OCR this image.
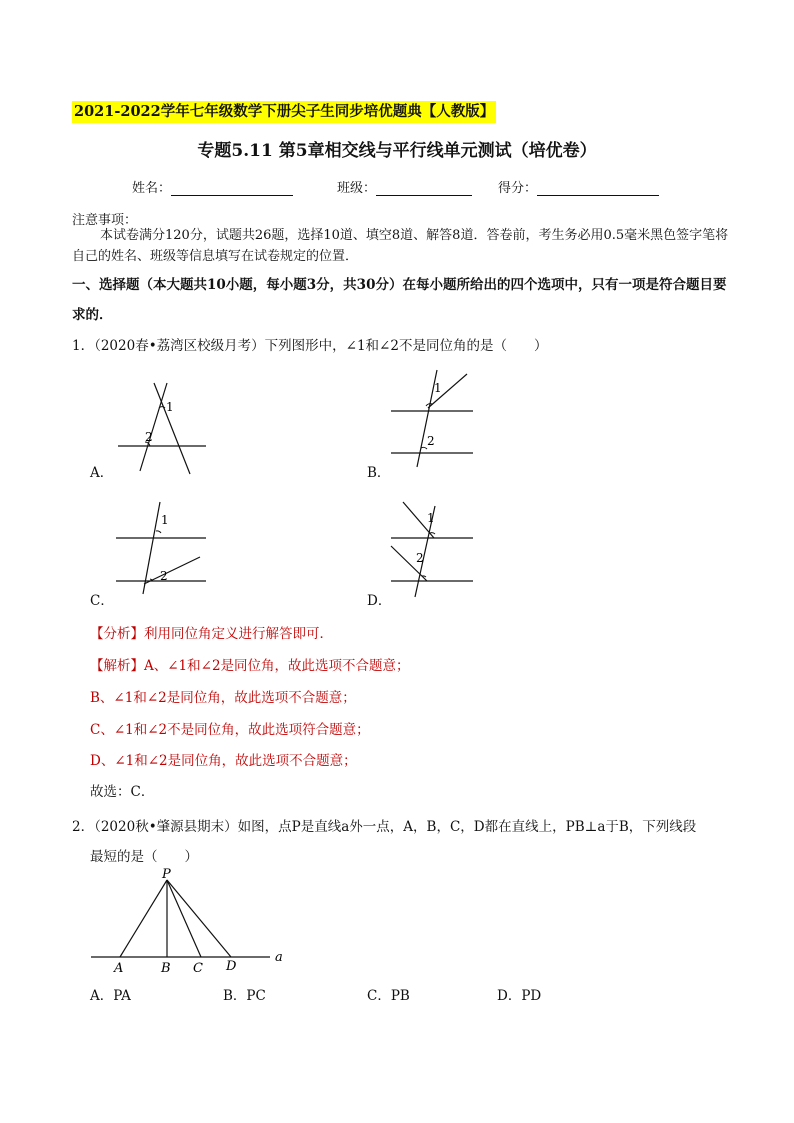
2021-2022学年七年级数学下册尖子生同步培优题典【人教版】
专题5.11 第5章相交线与平行线单元测试（培优卷）
姓名：	班级：	得分：
注意事项：
本试卷满分120分，试题共26题，选择10道、填空8道、解答8道．答卷前，考生务必用0.5毫米黑色签字笔将自己的姓名、班级等信息填写在试卷规定的位置．
一、选择题（本大题共10小题，每小题3分，共30分）在每小题所给出的四个选项中，只有一项是符合题目要求的．
1．（2020春•荔湾区校级月考）下列图形中，∠1和∠2不是同位角的是（　　）
1
2
A．
1
2
B．
1
2
C．
1
2
D．
【分析】利用同位角定义进行解答即可．
【解析】A、∠1和∠2是同位角，故此选项不合题意；
B、∠1和∠2是同位角，故此选项不合题意；
C、∠1和∠2不是同位角，故此选项符合题意；
D、∠1和∠2是同位角，故此选项不合题意；
故选：C．
2．（2020秋•肇源县期末）如图，点P是直线a外一点，A，B，C，D都在直线上，PB⊥a于B，下列线段
最短的是（　　）
P
A	B C D
a
A．PA	B．PC	C．PB	D．PD
